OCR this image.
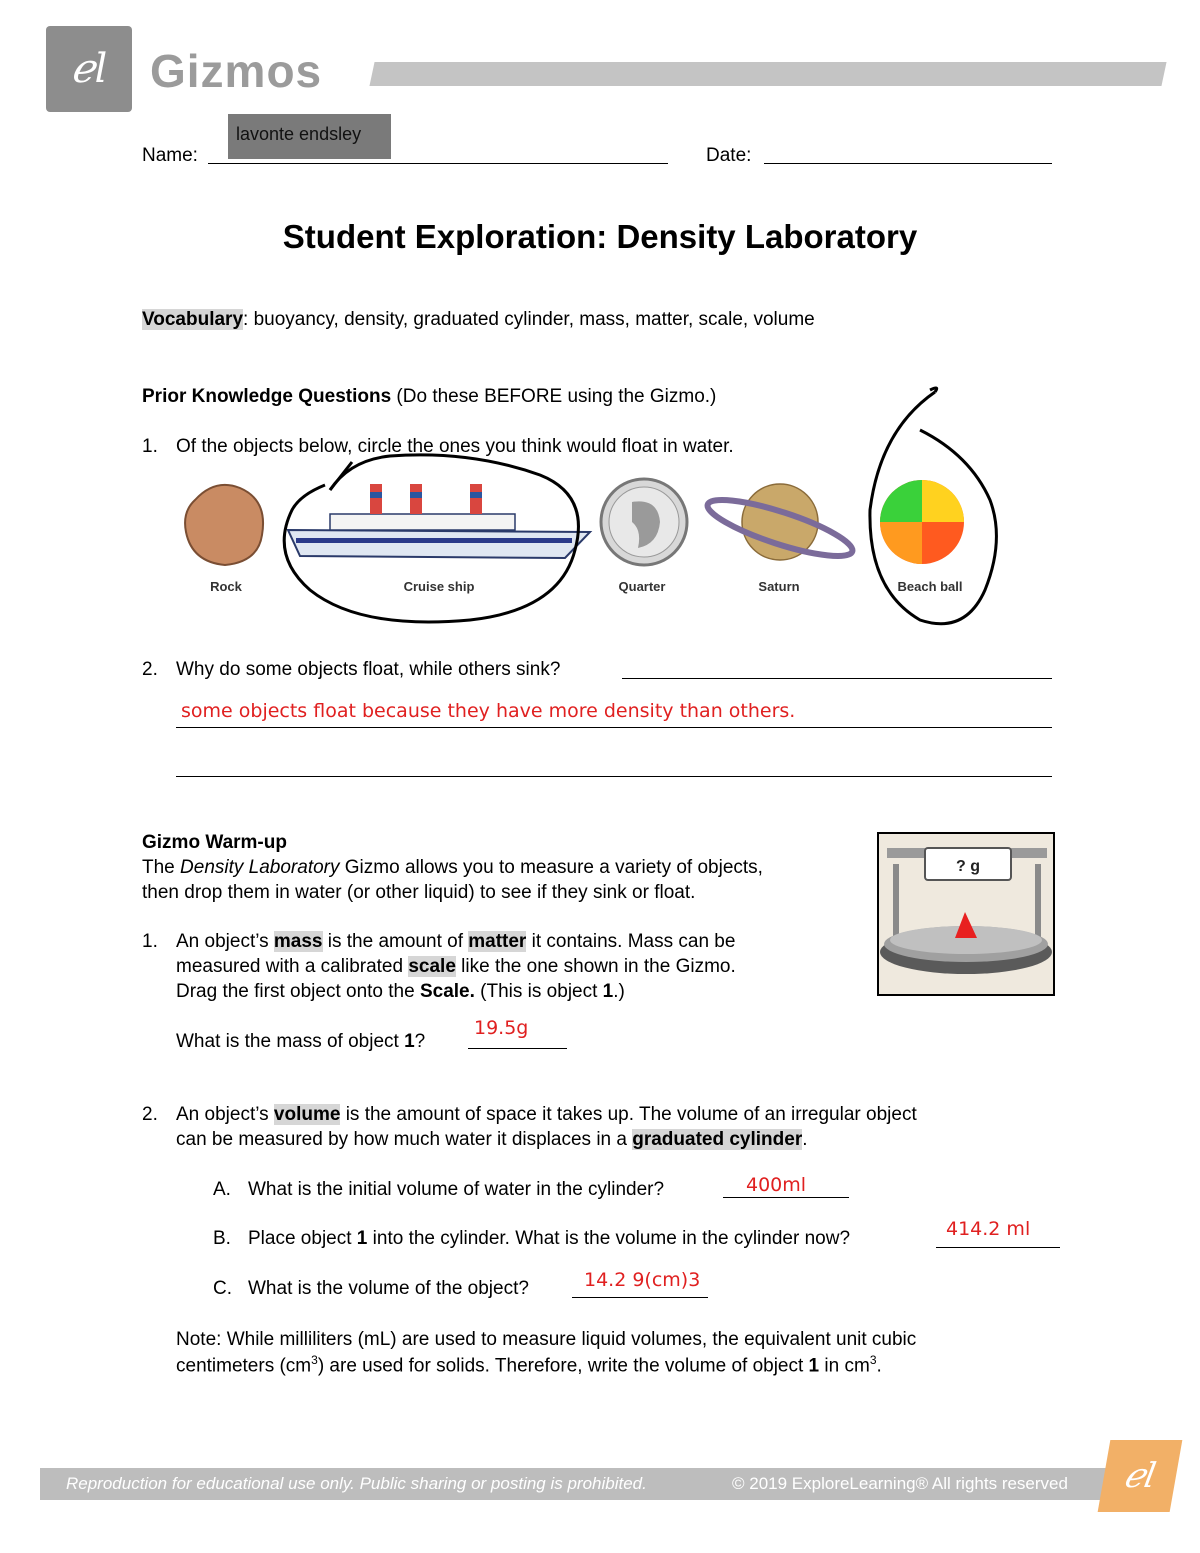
ℯl Gizmos
Name:
lavonte endsley
Date:
Student Exploration: Density Laboratory
Vocabulary: buoyancy, density, graduated cylinder, mass, matter, scale, volume
Prior Knowledge Questions (Do these BEFORE using the Gizmo.)
1. Of the objects below, circle the ones you think would float in water.
Rock	Cruise ship	Quarter	Saturn	Beach ball
2. Why do some objects float, while others sink?
some objects float because they have more density than others.
Gizmo Warm-up
The Density Laboratory Gizmo allows you to measure a variety of objects,
then drop them in water (or other liquid) to see if they sink or float.
? g
1. An object’s mass is the amount of matter it contains. Mass can be
measured with a calibrated scale like the one shown in the Gizmo.
Drag the first object onto the Scale. (This is object 1.)
What is the mass of object 1?
19.5g
2. An object’s volume is the amount of space it takes up. The volume of an irregular object
can be measured by how much water it displaces in a graduated cylinder.
A. What is the initial volume of water in the cylinder?	400ml
B. Place object 1 into the cylinder. What is the volume in the cylinder now?	414.2 ml
C. What is the volume of the object?	14.2 9(cm)3
Note: While milliliters (mL) are used to measure liquid volumes, the equivalent unit cubic
centimeters $(cm^3)$ are used for solids. Therefore, write the volume of object 1 in $cm^3$.
Reproduction for educational use only. Public sharing or posting is prohibited.	© 2019 ExploreLearning® All rights reserved ℯl
